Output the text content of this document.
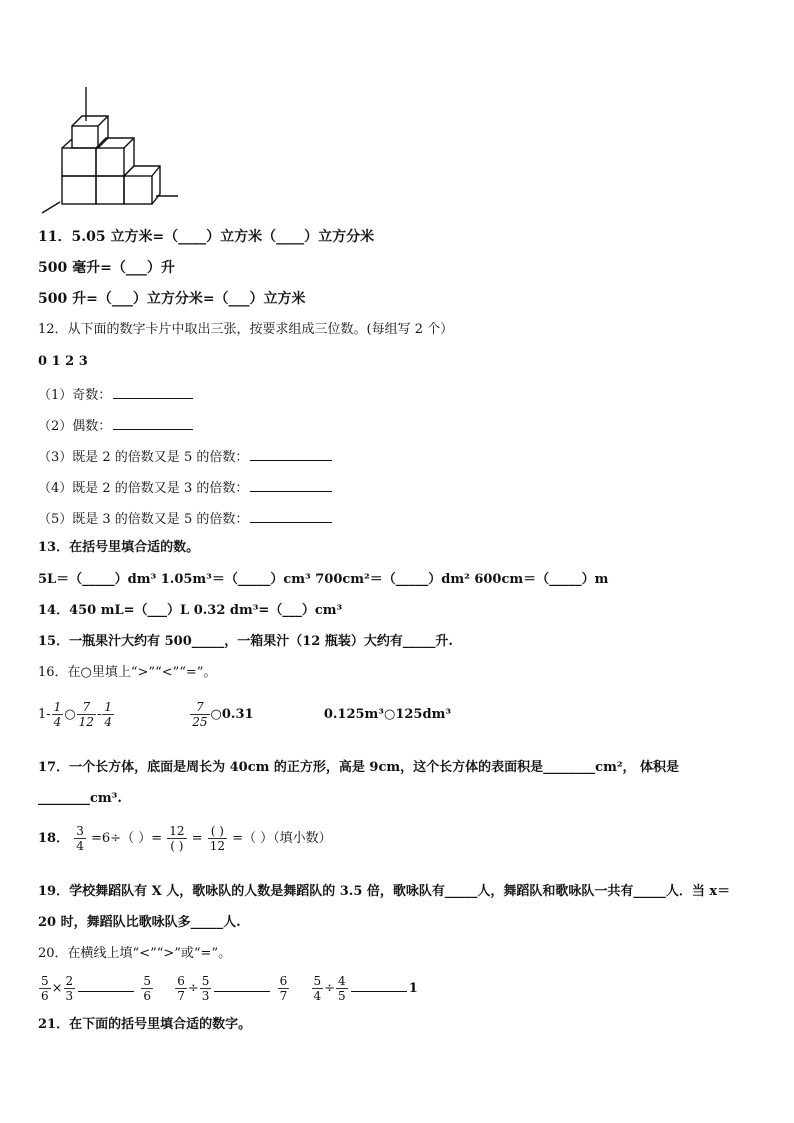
11．5.05 立方米=（____）立方米（____）立方分米
500 毫升=（___）升
500 升=（___）立方分米=（___）立方米
12．从下面的数字卡片中取出三张，按要求组成三位数。(每组写 2 个）
0 1 2 3
（1）奇数：
（2）偶数：
（3）既是 2 的倍数又是 5 的倍数：
（4）既是 2 的倍数又是 3 的倍数：
（5）既是 3 的倍数又是 5 的倍数：
13．在括号里填合适的数。
5L＝（_____）dm³ 1.05m³＝（_____）cm³ 700cm²＝（_____）dm² 600cm＝（_____）m
14．450 mL=（___）L 0.32 dm³=（___）cm³
15．一瓶果汁大约有 500_____，一箱果汁（12 瓶装）大约有_____升.
16．在○里填上“>”“<”“=”。
$1- \frac{1}{4}$ ○ $\frac{7}{12} - \frac{1}{4}$
	$\frac{7}{25}$ ○0.31	0.125m³○125dm³
17．一个长方体，底面是周长为 40cm 的正方形，高是 9cm，这个长方体的表面积是________cm²， 体积是
________cm³.
18． $\frac{3}{4} =6\div$（ ）= $\frac{12}{( )} = \frac{( )}{12}$ =（ ）（填小数）
19．学校舞蹈队有 X 人，歌咏队的人数是舞蹈队的 3.5 倍，歌咏队有_____人，舞蹈队和歌咏队一共有_____人．当 x＝
20 时，舞蹈队比歌咏队多_____人.
20．在横线上填“<”“>”或“=”。
$\frac{5}{6} \times \frac{2}{3}$
	$\frac{5}{6}$
$\frac{6}{7} \div \frac{5}{3}$
	$\frac{6}{7}$
$\frac{5}{4} \div \frac{4}{5}$	1
21．在下面的括号里填合适的数字。
